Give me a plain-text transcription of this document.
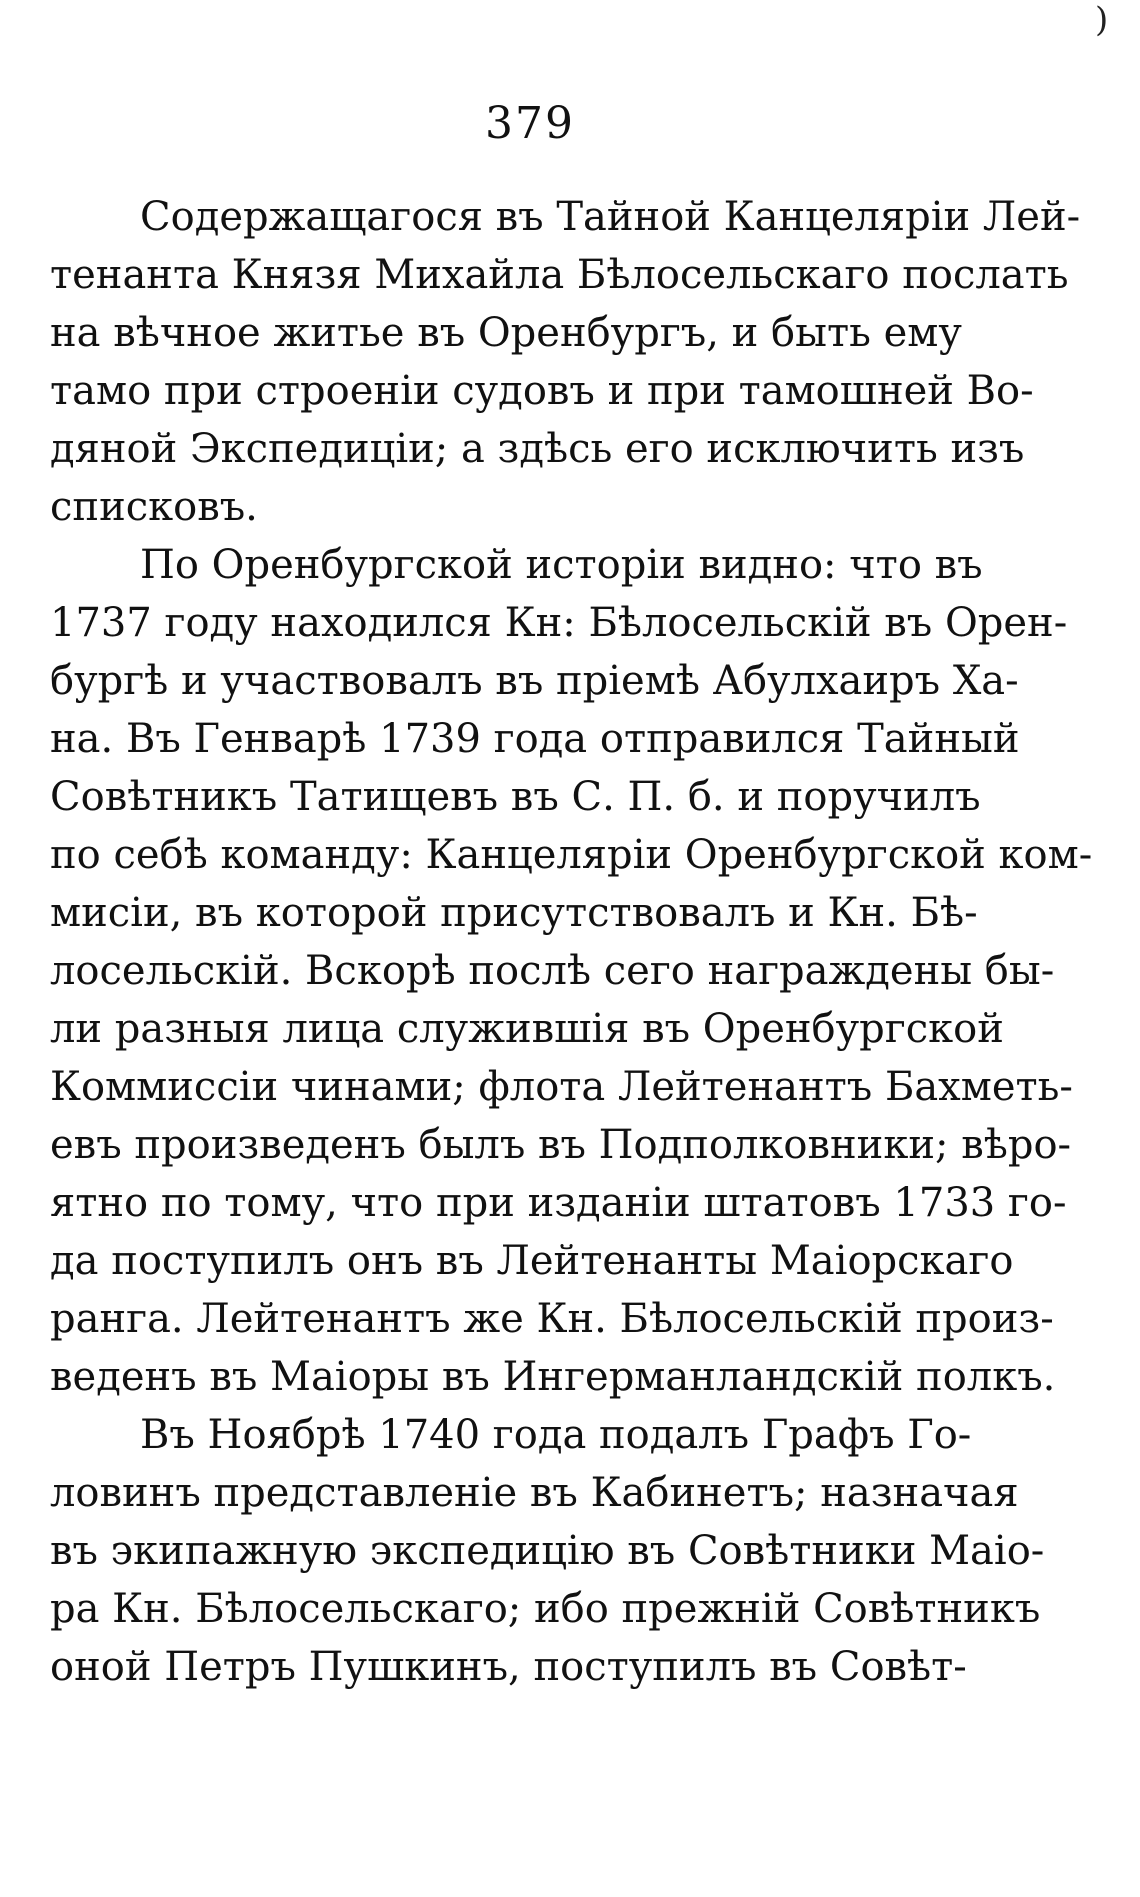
)
379
Содержащагося въ Тайной Канцеляріи Лей-
тенанта Князя Михайла Бѣлосельскаго послать
на вѣчное житье въ Оренбургъ, и быть ему
тамо при строеніи судовъ и при тамошней Во-
дяной Экспедиціи; а здѣсь его исключить изъ
списковъ.
По Оренбургской исторіи видно: что въ
1737 году находился Кн: Бѣлосельскій въ Орен-
бургѣ и участвовалъ въ пріемѣ Абулхаиръ Ха-
на. Въ Генварѣ 1739 года отправился Тайный
Совѣтникъ Татищевъ въ С. П. б. и поручилъ
по себѣ команду: Канцеляріи Оренбургской ком-
мисіи, въ которой присутствовалъ и Кн. Бѣ-
лосельскій. Вскорѣ послѣ сего награждены бы-
ли разныя лица служившія въ Оренбургской
Коммиссіи чинами; флота Лейтенантъ Бахметь-
евъ произведенъ былъ въ Подполковники; вѣро-
ятно по тому, что при изданіи штатовъ 1733 го-
да поступилъ онъ въ Лейтенанты Маіорскаго
ранга. Лейтенантъ же Кн. Бѣлосельскій произ-
веденъ въ Маіоры въ Ингерманландскій полкъ.
Въ Ноябрѣ 1740 года подалъ Графъ Го-
ловинъ представленіе въ Кабинетъ; назначая
въ экипажную экспедицію въ Совѣтники Маіо-
ра Кн. Бѣлосельскаго; ибо прежній Совѣтникъ
оной Петръ Пушкинъ, поступилъ въ Совѣт-
